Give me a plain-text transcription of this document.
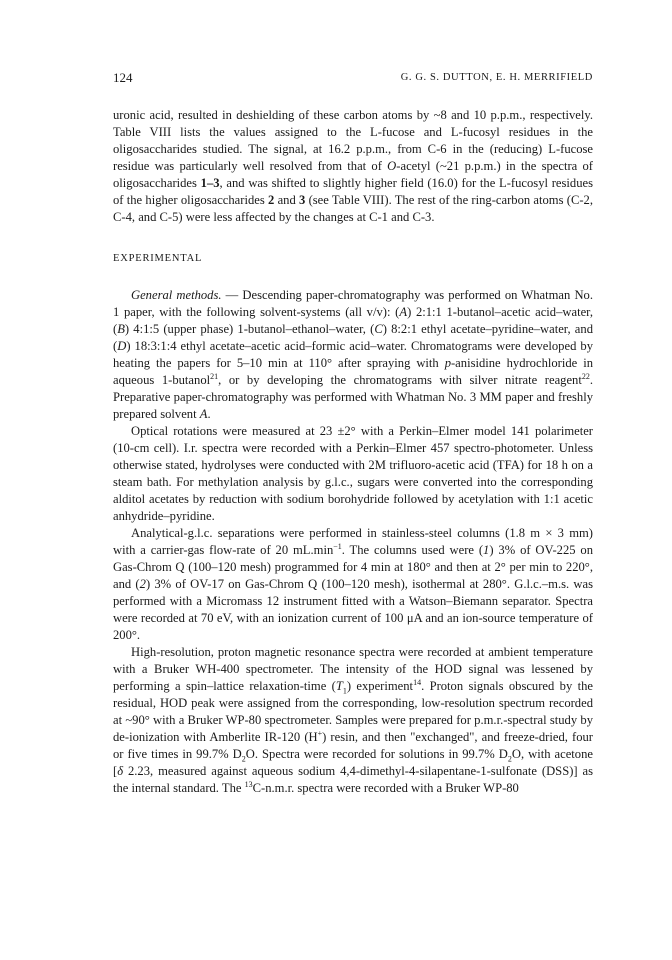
124	G. G. S. DUTTON, E. H. MERRIFIELD

uronic acid, resulted in deshielding of these carbon atoms by ~8 and 10 p.p.m., respectively. Table VIII lists the values assigned to the L-fucose and L-fucosyl residues in the oligosaccharides studied. The signal, at 16.2 p.p.m., from C-6 in the (reducing) L-fucose residue was particularly well resolved from that of O-acetyl (~21 p.p.m.) in the spectra of oligosaccharides 1–3, and was shifted to slightly higher field (16.0) for the L-fucosyl residues of the higher oligosaccharides 2 and 3 (see Table VIII). The rest of the ring-carbon atoms (C-2, C-4, and C-5) were less affected by the changes at C-1 and C-3.

EXPERIMENTAL

General methods. — Descending paper-chromatography was performed on Whatman No. 1 paper, with the following solvent-systems (all v/v): (A) 2:1:1 1-butanol–acetic acid–water, (B) 4:1:5 (upper phase) 1-butanol–ethanol–water, (C) 8:2:1 ethyl acetate–pyridine–water, and (D) 18:3:1:4 ethyl acetate–acetic acid–formic acid–water. Chromatograms were developed by heating the papers for 5–10 min at 110° after spraying with p-anisidine hydrochloride in aqueous 1-butanol$^{21}$, or by developing the chromatograms with silver nitrate reagent$^{22}$. Preparative paper-chromatography was performed with Whatman No. 3 MM paper and freshly prepared solvent A.

Optical rotations were measured at 23 ±2° with a Perkin–Elmer model 141 polarimeter (10-cm cell). I.r. spectra were recorded with a Perkin–Elmer 457 spectro-photometer. Unless otherwise stated, hydrolyses were conducted with 2M trifluoro-acetic acid (TFA) for 18 h on a steam bath. For methylation analysis by g.l.c., sugars were converted into the corresponding alditol acetates by reduction with sodium borohydride followed by acetylation with 1:1 acetic anhydride–pyridine.

Analytical-g.l.c. separations were performed in stainless-steel columns (1.8 m × 3 mm) with a carrier-gas flow-rate of 20 $mL.\min^{-1}$. The columns used were (1) 3% of OV-225 on Gas-Chrom Q (100–120 mesh) programmed for 4 min at 180° and then at 2° per min to 220°, and (2) 3% of OV-17 on Gas-Chrom Q (100–120 mesh), isothermal at 280°. G.l.c.–m.s. was performed with a Micromass 12 instrument fitted with a Watson–Biemann separator. Spectra were recorded at 70 eV, with an ionization current of 100 μA and an ion-source temperature of 200°.

High-resolution, proton magnetic resonance spectra were recorded at ambient temperature with a Bruker WH-400 spectrometer. The intensity of the HOD signal was lessened by performing a spin–lattice relaxation-time $(T_1)$ experiment$^{14}$. Proton signals obscured by the residual, HOD peak were assigned from the corresponding, low-resolution spectrum recorded at ~90° with a Bruker WP-80 spectrometer. Samples were prepared for p.m.r.-spectral study by de-ionization with Amberlite IR-120 (H+) resin, and then "exchanged", and freeze-dried, four or five times in 99.7% $D_2O$. Spectra were recorded for solutions in 99.7% $D_2O$, with acetone [δ 2.23, measured against aqueous sodium 4,4-dimethyl-4-silapentane-1-sulfonate (DSS)] as the internal standard. The $^{13}$C-n.m.r. spectra were recorded with a Bruker WP-80
